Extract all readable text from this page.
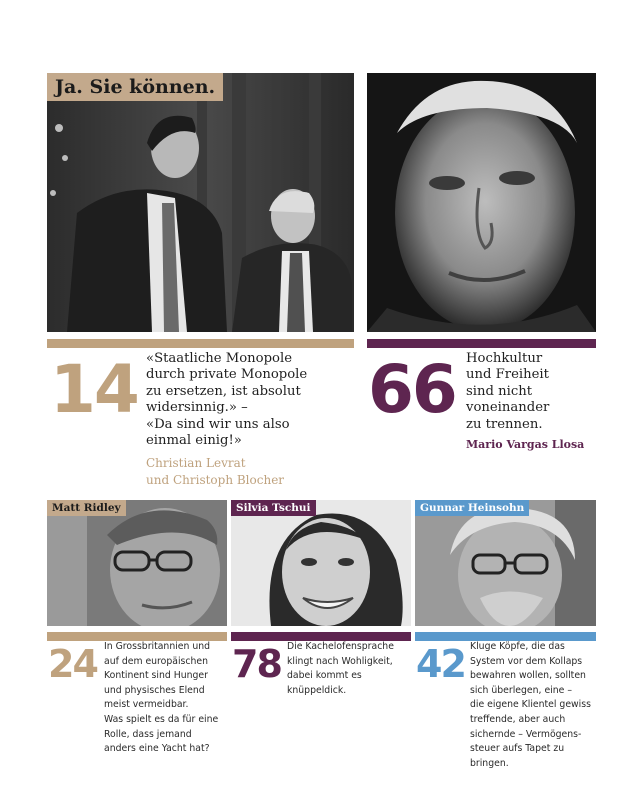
Ja. Sie können.
14 «Staatliche Monopole
durch private Monopole
zu ersetzen, ist absolut
widersinnig.» –
«Da sind wir uns also
einmal einig!»
Christian Levrat
und Christoph Blocher
66 Hochkultur
und Freiheit
sind nicht
voneinander
zu trennen.
Mario Vargas Llosa
Matt Ridley
24 In Grossbritannien und
auf dem europäischen
Kontinent sind Hunger
und physisches Elend
meist vermeidbar.
Was spielt es da für eine
Rolle, dass jemand
anders eine Yacht hat?
Silvia Tschui
78 Die Kachelofensprache
klingt nach Wohligkeit,
dabei kommt es
knüppeldick.
Gunnar Heinsohn
42 Kluge Köpfe, die das
System vor dem Kollaps
bewahren wollen, sollten
sich überlegen, eine –
die eigene Klientel gewiss
treffende, aber auch
sichernde – Vermögens-
steuer aufs Tapet zu
bringen.
